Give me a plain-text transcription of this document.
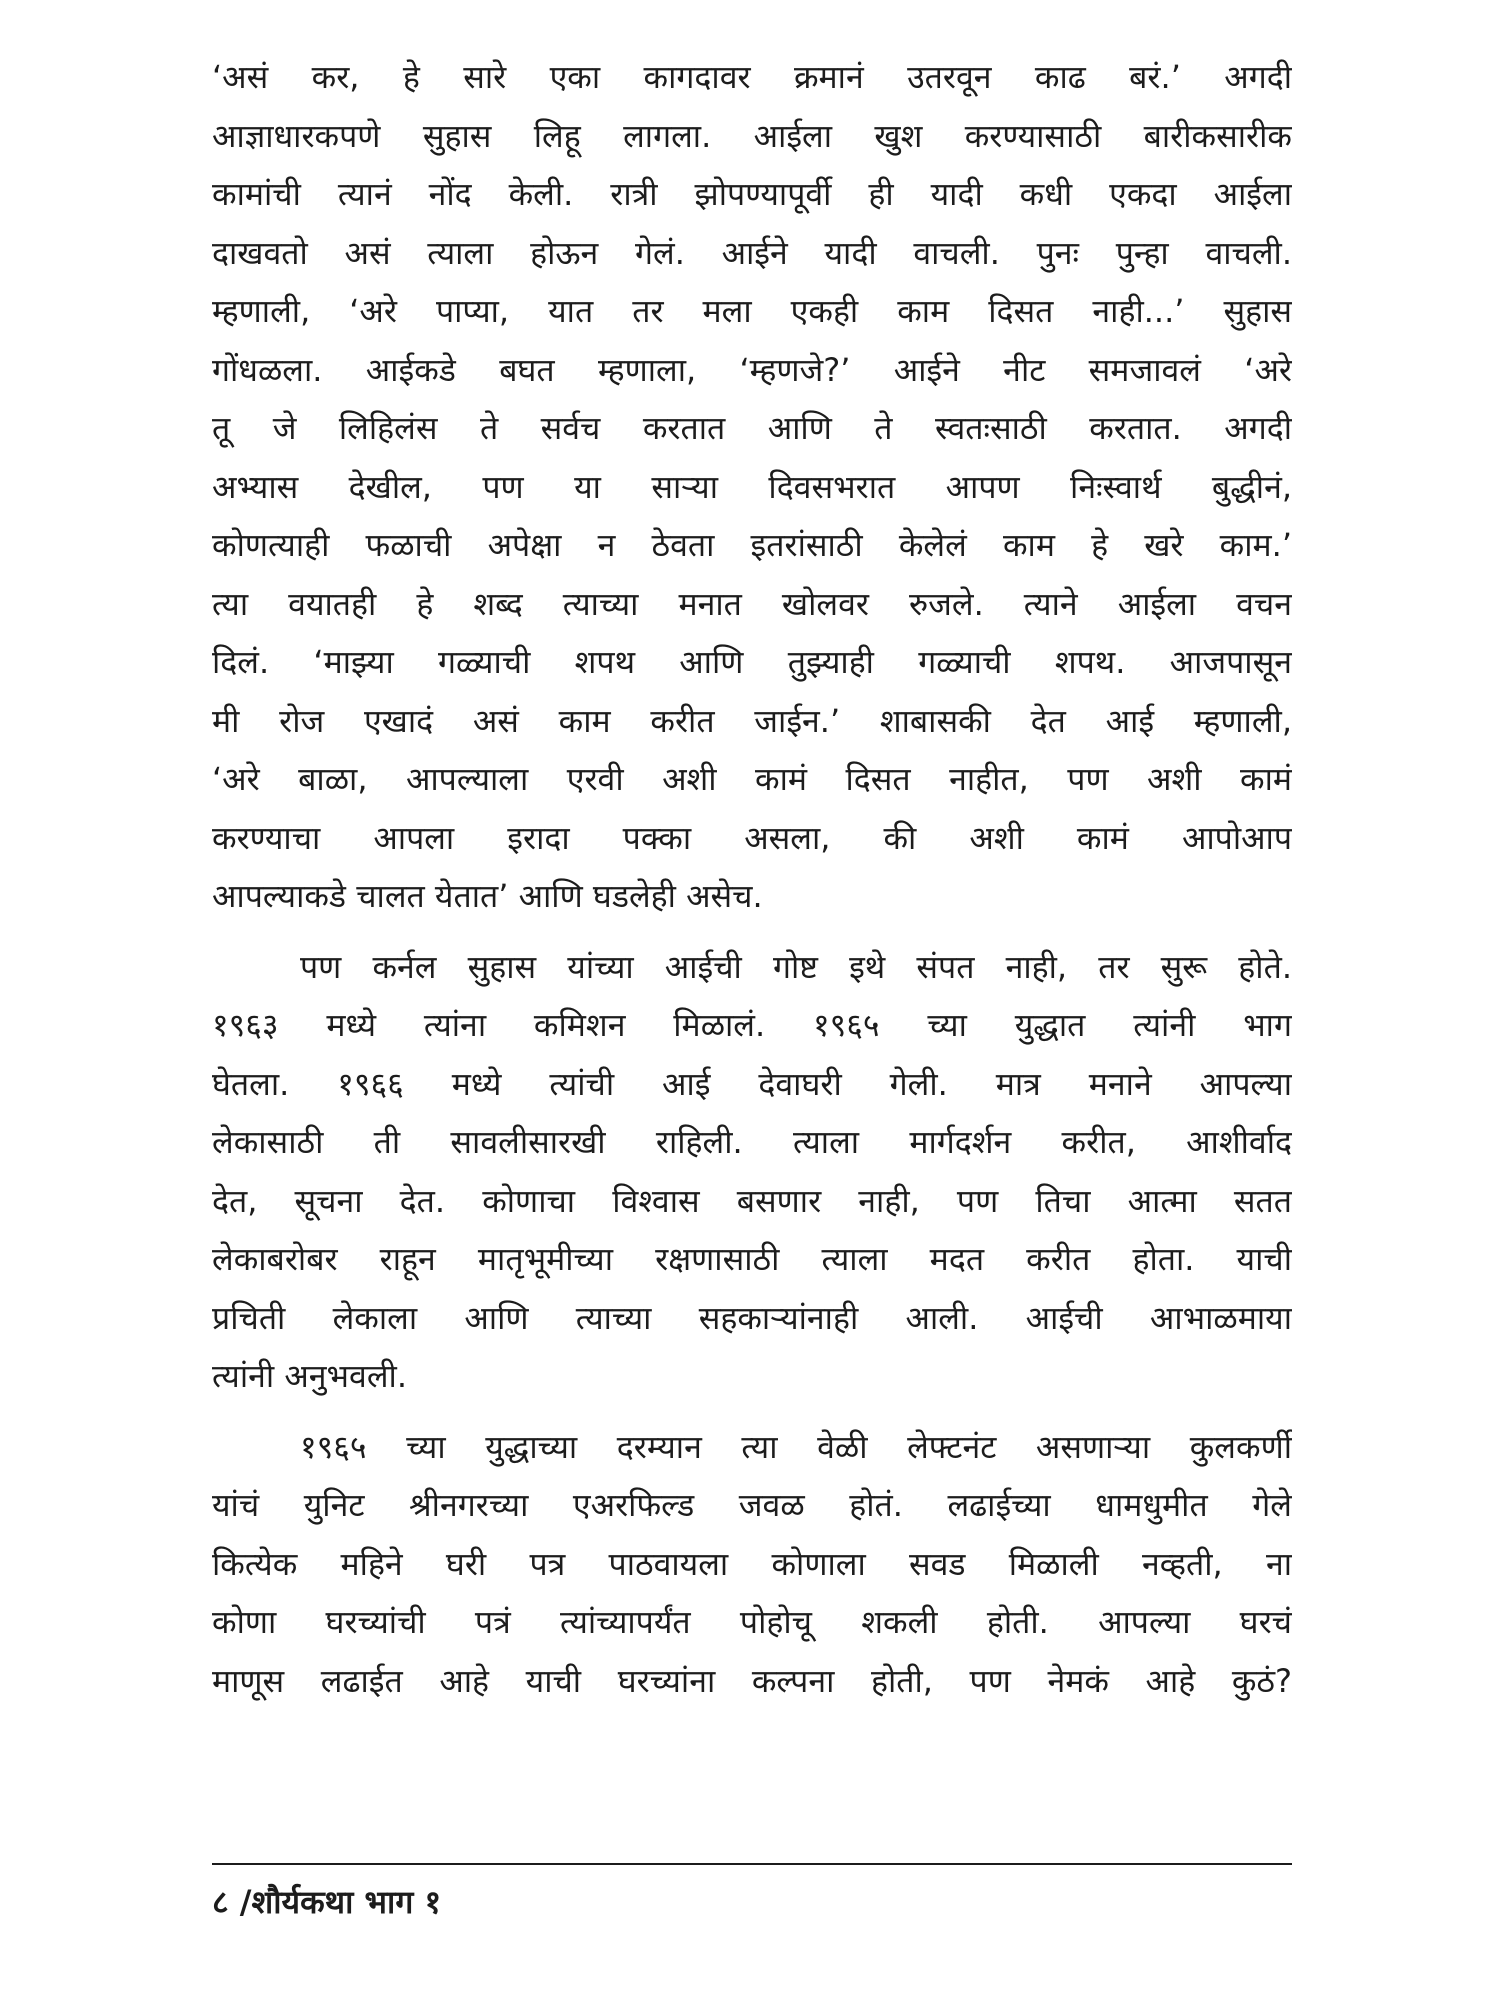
‘असं कर, हे सारे एका कागदावर क्रमानं उतरवून काढ बरं.’ अगदी
आज्ञाधारकपणे सुहास लिहू लागला. आईला खुश करण्यासाठी बारीकसारीक
कामांची त्यानं नोंद केली. रात्री झोपण्यापूर्वी ही यादी कधी एकदा आईला
दाखवतो असं त्याला होऊन गेलं. आईने यादी वाचली. पुनः पुन्हा वाचली.
म्हणाली, ‘अरे पाप्या, यात तर मला एकही काम दिसत नाही...’ सुहास
गोंधळला. आईकडे बघत म्हणाला, ‘म्हणजे?’ आईने नीट समजावलं ‘अरे
तू जे लिहिलंस ते सर्वच करतात आणि ते स्वतःसाठी करतात. अगदी
अभ्यास देखील, पण या साऱ्या दिवसभरात आपण निःस्वार्थ बुद्धीनं,
कोणत्याही फळाची अपेक्षा न ठेवता इतरांसाठी केलेलं काम हे खरे काम.’
त्या वयातही हे शब्द त्याच्या मनात खोलवर रुजले. त्याने आईला वचन
दिलं. ‘माझ्या गळ्याची शपथ आणि तुझ्याही गळ्याची शपथ. आजपासून
मी रोज एखादं असं काम करीत जाईन.’ शाबासकी देत आई म्हणाली,
‘अरे बाळा, आपल्याला एरवी अशी कामं दिसत नाहीत, पण अशी कामं
करण्याचा आपला इरादा पक्का असला, की अशी कामं आपोआप
आपल्याकडे चालत येतात’ आणि घडलेही असेच.
पण कर्नल सुहास यांच्या आईची गोष्ट इथे संपत नाही, तर सुरू होते.
१९६३ मध्ये त्यांना कमिशन मिळालं. १९६५ च्या युद्धात त्यांनी भाग
घेतला. १९६६ मध्ये त्यांची आई देवाघरी गेली. मात्र मनाने आपल्या
लेकासाठी ती सावलीसारखी राहिली. त्याला मार्गदर्शन करीत, आशीर्वाद
देत, सूचना देत. कोणाचा विश्वास बसणार नाही, पण तिचा आत्मा सतत
लेकाबरोबर राहून मातृभूमीच्या रक्षणासाठी त्याला मदत करीत होता. याची
प्रचिती लेकाला आणि त्याच्या सहकाऱ्यांनाही आली. आईची आभाळमाया
त्यांनी अनुभवली.
१९६५ च्या युद्धाच्या दरम्यान त्या वेळी लेफ्टनंट असणाऱ्या कुलकर्णी
यांचं युनिट श्रीनगरच्या एअरफिल्ड जवळ होतं. लढाईच्या धामधुमीत गेले
कित्येक महिने घरी पत्र पाठवायला कोणाला सवड मिळाली नव्हती, ना
कोणा घरच्यांची पत्रं त्यांच्यापर्यंत पोहोचू शकली होती. आपल्या घरचं
माणूस लढाईत आहे याची घरच्यांना कल्पना होती, पण नेमकं आहे कुठं?
८ /शौर्यकथा भाग १
